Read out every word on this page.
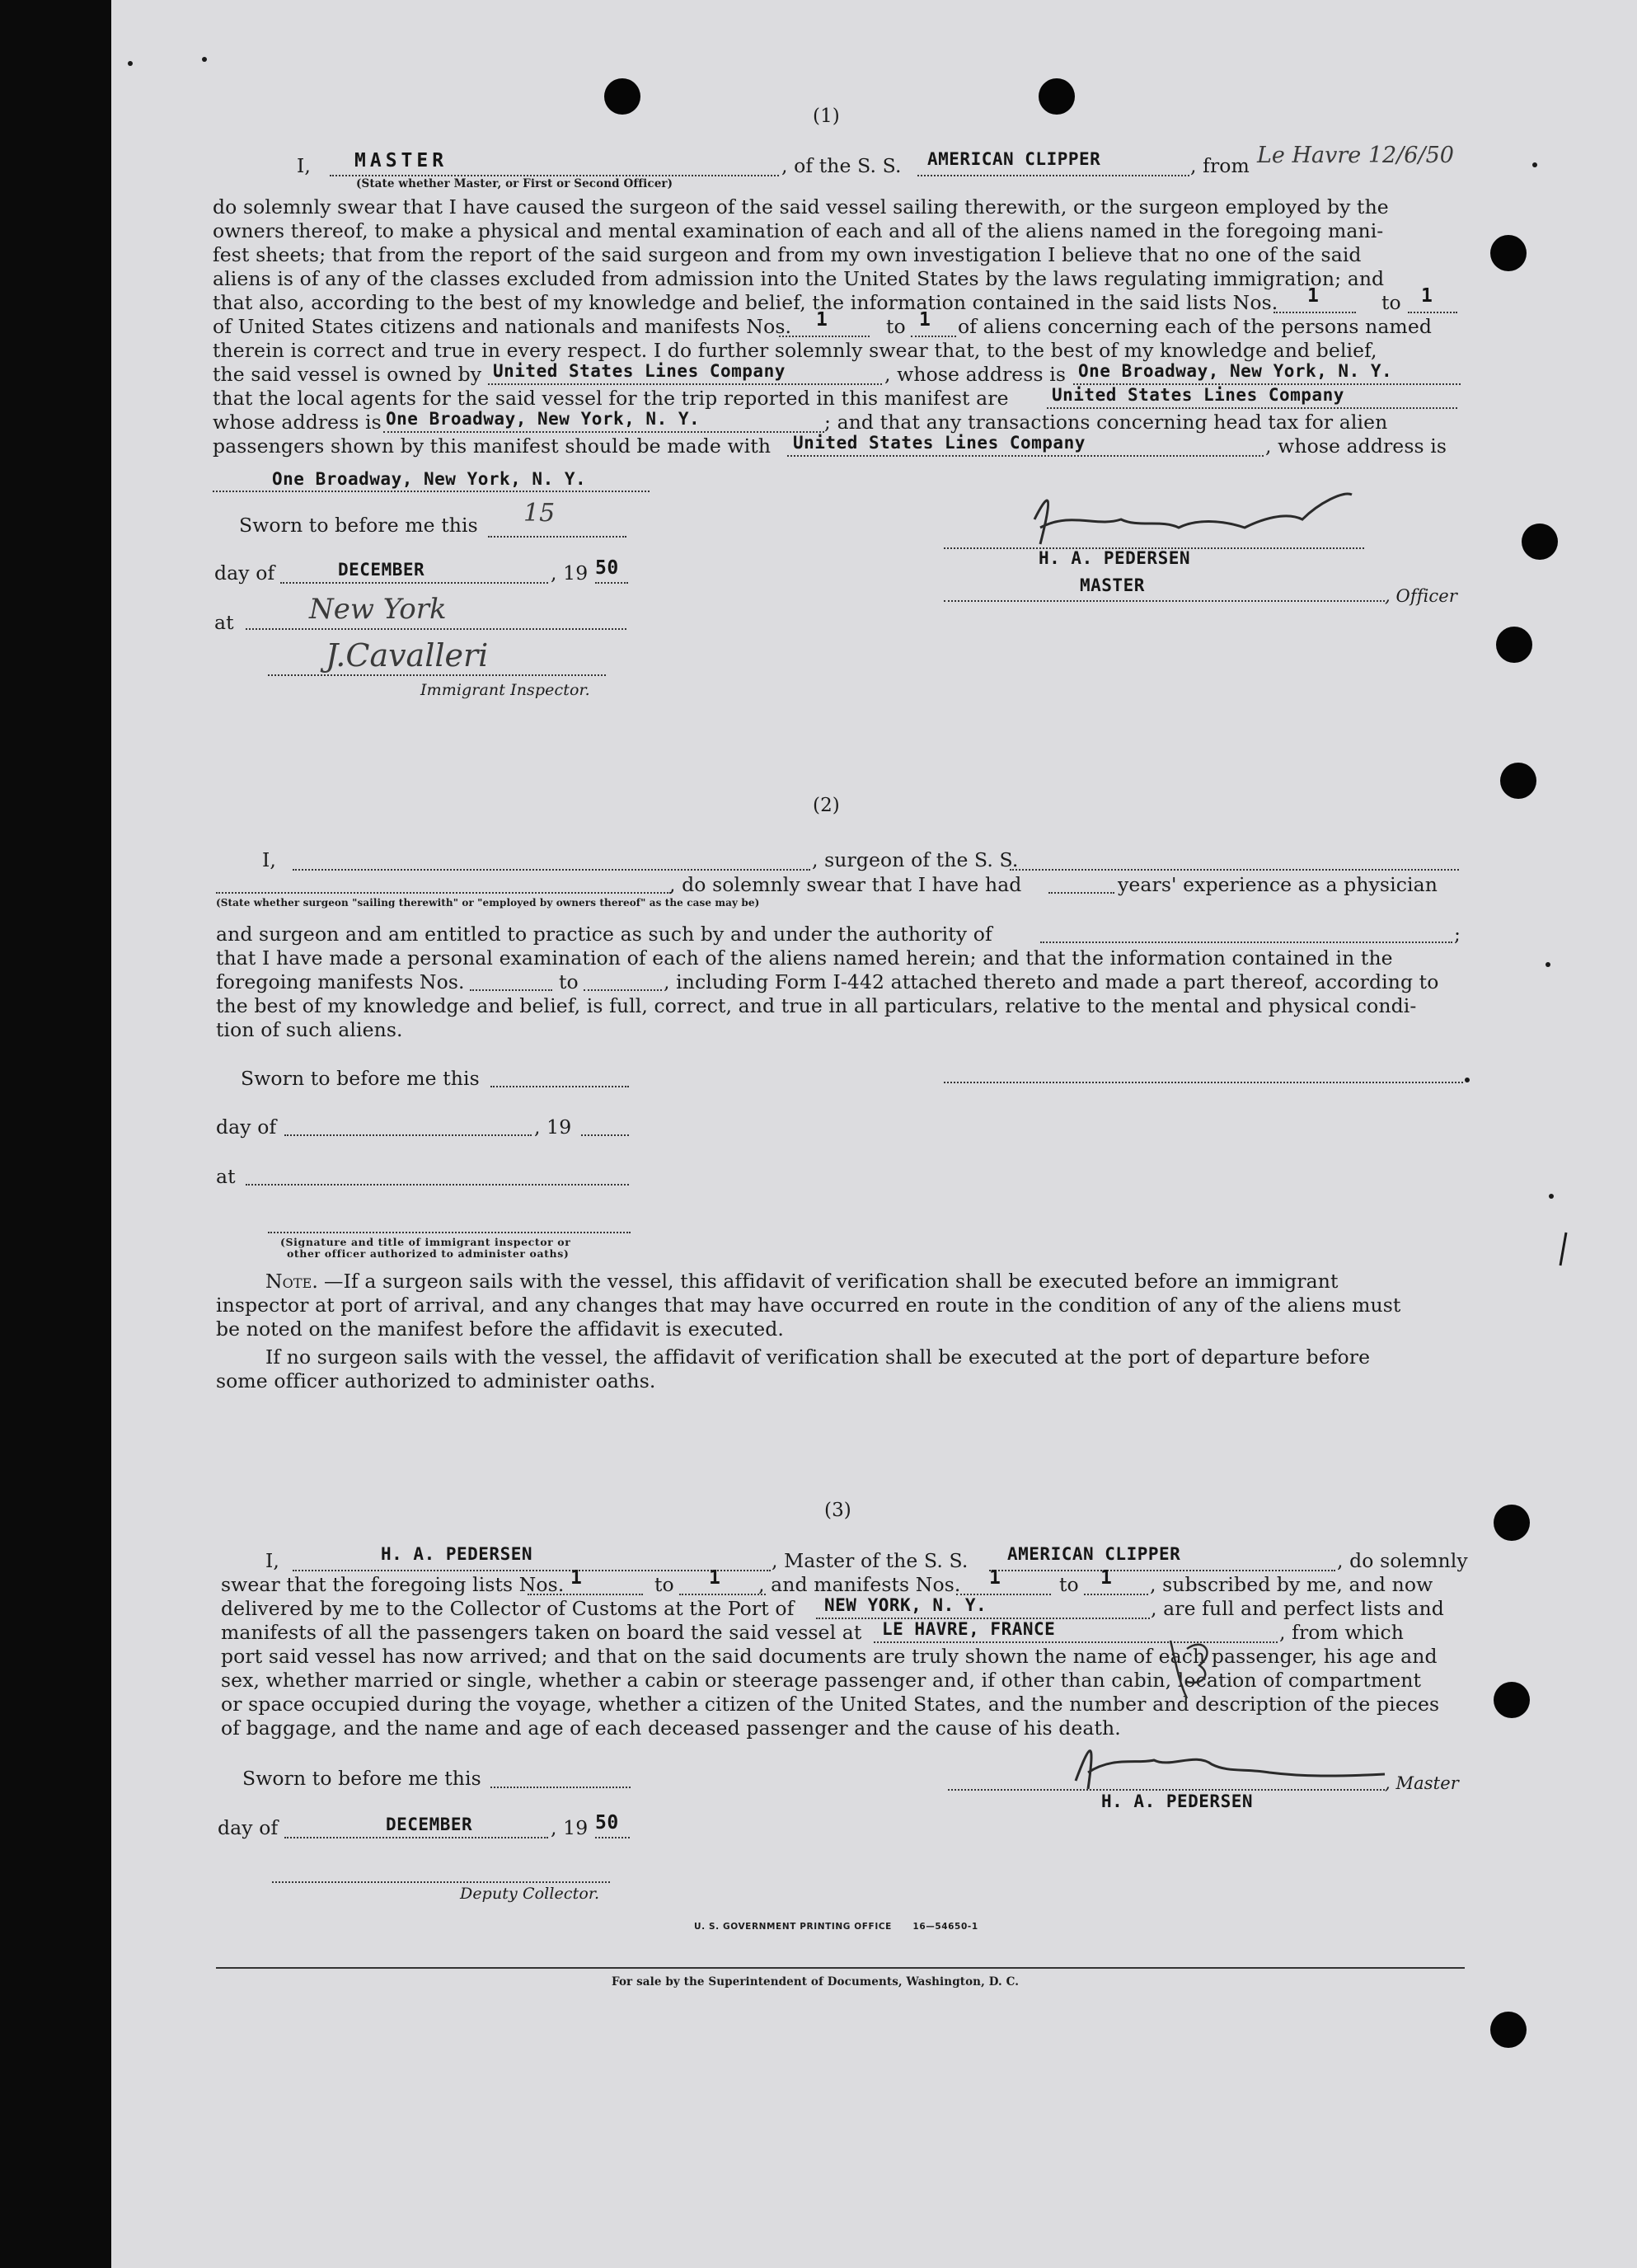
(1)
I, MASTER
(State whether Master, or First or Second Officer)
, of the S. S. AMERICAN CLIPPER	, from Le Havre 12/6/50
do solemnly swear that I have caused the surgeon of the said vessel sailing therewith, or the surgeon employed by the
owners thereof, to make a physical and mental examination of each and all of the aliens named in the foregoing mani-
fest sheets; that from the report of the said surgeon and from my own investigation I believe that no one of the said
aliens is of any of the classes excluded from admission into the United States by the laws regulating immigration; and
that also, according to the best of my knowledge and belief, the information contained in the said lists Nos. 1	to 1
of United States citizens and nationals and manifests Nos. 1	to 1 of aliens concerning each of the persons named
therein is correct and true in every respect. I do further solemnly swear that, to the best of my knowledge and belief,
the said vessel is owned by United States Lines Company	, whose address is One Broadway, New York, N. Y.
that the local agents for the said vessel for the trip reported in this manifest are United States Lines Company
whose address is One Broadway, New York, N. Y.	; and that any transactions concerning head tax for alien
passengers shown by this manifest should be made with United States Lines Company	, whose address is
One Broadway, New York, N. Y.
Sworn to before me this 15
day of	DECEMBER	, 19 50
at	New York
J.Cavalleri
Immigrant Inspector.
H. A. PEDERSEN
MASTER
, Officer
(2)
I,	, surgeon of the S. S.
, do solemnly swear that I have had	years' experience as a physician
(State whether surgeon "sailing therewith" or "employed by owners thereof" as the case may be)
and surgeon and am entitled to practice as such by and under the authority of	;
that I have made a personal examination of each of the aliens named herein; and that the information contained in the
foregoing manifests Nos.	to	, including Form I-442 attached thereto and made a part thereof, according to
the best of my knowledge and belief, is full, correct, and true in all particulars, relative to the mental and physical condi-
tion of such aliens.
Sworn to before me this
day of	, 19
at
(Signature and title of immigrant inspector or
other officer authorized to administer oaths)
Note. —If a surgeon sails with the vessel, this affidavit of verification shall be executed before an immigrant
inspector at port of arrival, and any changes that may have occurred en route in the condition of any of the aliens must
be noted on the manifest before the affidavit is executed.
If no surgeon sails with the vessel, the affidavit of verification shall be executed at the port of departure before
some officer authorized to administer oaths.
(3)
I,	H. A. PEDERSEN	, Master of the S. S. AMERICAN CLIPPER	, do solemnly
swear that the foregoing lists Nos. 1	to 1 , and manifests Nos. 1	to 1 , subscribed by me, and now
delivered by me to the Collector of Customs at the Port of NEW YORK, N. Y.	, are full and perfect lists and
manifests of all the passengers taken on board the said vessel at LE HAVRE, FRANCE	, from which
port said vessel has now arrived; and that on the said documents are truly shown the name of each passenger, his age and
sex, whether married or single, whether a cabin or steerage passenger and, if other than cabin, location of compartment
or space occupied during the voyage, whether a citizen of the United States, and the number and description of the pieces
of baggage, and the name and age of each deceased passenger and the cause of his death.
Sworn to before me this
day of	DECEMBER	, 19 50
Deputy Collector.
, Master
H. A. PEDERSEN
U. S. GOVERNMENT PRINTING OFFICE      16—54650-1
For sale by the Superintendent of Documents, Washington, D. C.
